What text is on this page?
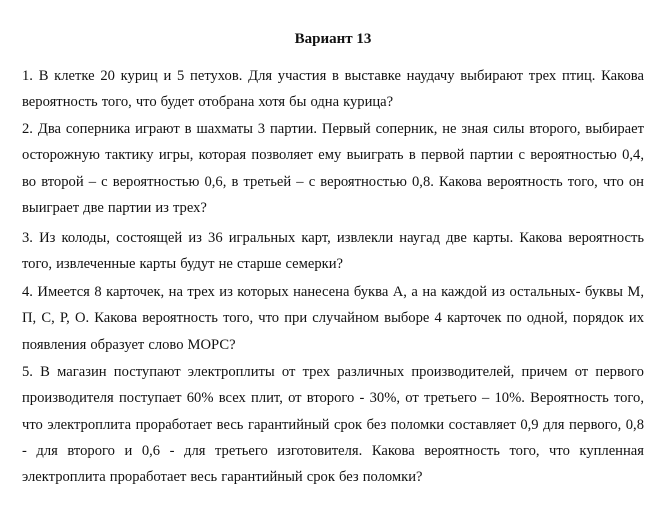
Вариант 13

1. В клетке 20 куриц и 5 петухов. Для участия в выставке наудачу выбирают трех птиц. Какова вероятность того, что будет отобрана хотя бы одна курица?

2. Два соперника играют в шахматы 3 партии. Первый соперник, не зная силы второго, выбирает осторожную тактику игры, которая позволяет ему выиграть в первой партии с вероятностью 0,4, во второй – с вероятностью 0,6, в третьей – с вероятностью 0,8. Какова вероятность того, что он выиграет две партии из трех?

3. Из колоды, состоящей из 36 игральных карт, извлекли наугад две карты. Какова вероятность того, извлеченные карты будут не старше семерки?

4. Имеется 8 карточек, на трех из которых нанесена буква А, а на каждой из остальных- буквы М, П, С, Р, О. Какова вероятность того, что при случайном выборе 4 карточек по одной, порядок их появления образует слово МОРС?

5. В магазин поступают электроплиты от трех различных производителей, причем от первого производителя поступает 60% всех плит, от второго - 30%, от третьего – 10%. Вероятность того, что электроплита проработает весь гарантийный срок без поломки составляет 0,9 для первого, 0,8 - для второго и 0,6 - для третьего изготовителя. Какова вероятность того, что купленная электроплита проработает весь гарантийный срок без поломки?
